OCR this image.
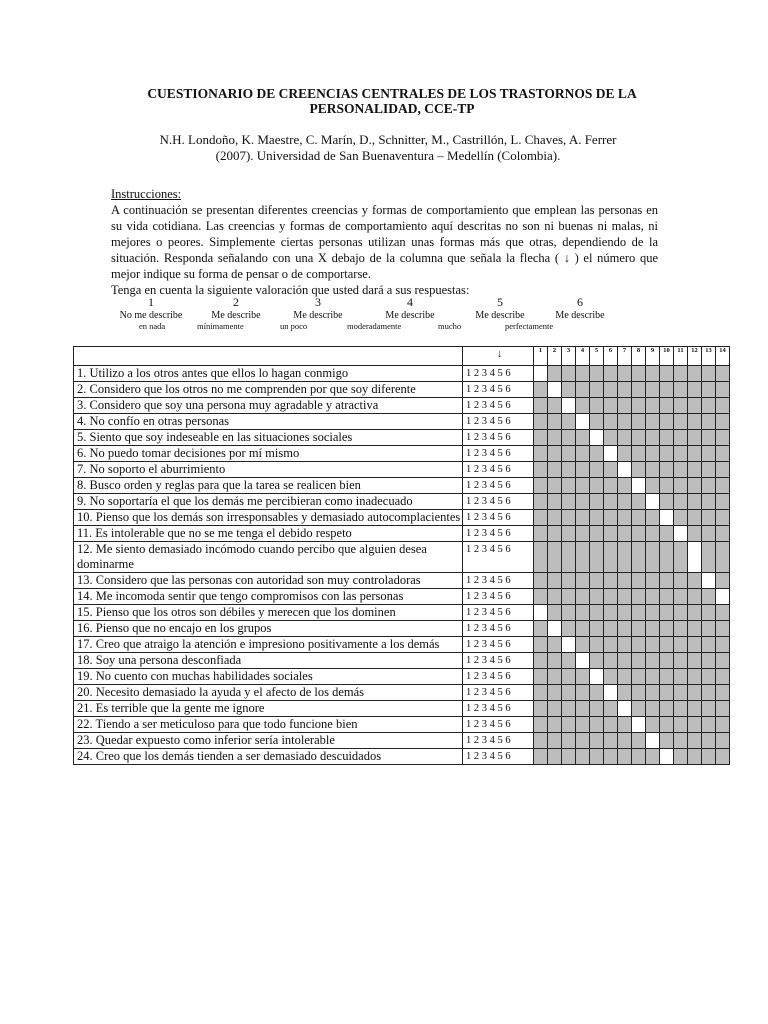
CUESTIONARIO DE CREENCIAS CENTRALES DE LOS TRASTORNOS DE LA
PERSONALIDAD, CCE-TP
N.H. Londoño, K. Maestre, C. Marín, D., Schnitter, M., Castrillón, L. Chaves, A. Ferrer
(2007). Universidad de San Buenaventura – Medellín (Colombia).
Instrucciones:
A continuación se presentan diferentes creencias y formas de comportamiento que emplean las personas en su vida cotidiana. Las creencias y formas de comportamiento aquí descritas no son ni buenas ni malas, ni mejores o peores. Simplemente ciertas personas utilizan unas formas más que otras, dependiendo de la situación. Responda señalando con una X debajo de la columna que señala la flecha ( ↓ ) el número que mejor indique su forma de pensar o de comportarse.
Tenga en cuenta la siguiente valoración que usted dará a sus respuestas:
1
No me describe
en nada
2
Me describe
mínimamente
3
Me describe
un poco
4
Me describe
moderadamente
5
Me describe
mucho
6
Me describe
perfectamente
	↓	1	2	3	4	5	6	7	8	9	10	11	12	13	14
1. Utilizo a los otros antes que ellos lo hagan conmigo	1 2 3 4 5 6														
2. Considero que los otros no me comprenden por que soy diferente	1 2 3 4 5 6														
3. Considero que soy una persona muy agradable y atractiva	1 2 3 4 5 6														
4. No confío en otras personas	1 2 3 4 5 6														
5. Siento que soy indeseable en las situaciones sociales	1 2 3 4 5 6														
6. No puedo tomar decisiones por mí mismo	1 2 3 4 5 6														
7. No soporto el aburrimiento	1 2 3 4 5 6														
8. Busco orden y reglas para que la tarea se realicen bien	1 2 3 4 5 6														
9. No soportaría el que los demás me percibieran como inadecuado	1 2 3 4 5 6														
10. Pienso que los demás son irresponsables y demasiado autocomplacientes	1 2 3 4 5 6														
11. Es intolerable que no se me tenga el debido respeto	1 2 3 4 5 6														
12. Me siento demasiado incómodo cuando percibo que alguien desea dominarme	1 2 3 4 5 6														
13. Considero que las personas con autoridad son muy controladoras	1 2 3 4 5 6														
14. Me incomoda sentir que tengo compromisos con las personas	1 2 3 4 5 6														
15. Pienso que los otros son débiles y merecen que los dominen	1 2 3 4 5 6														
16. Pienso que no encajo en los grupos	1 2 3 4 5 6														
17. Creo que atraigo la atención e impresiono positivamente a los demás	1 2 3 4 5 6														
18. Soy una persona desconfiada	1 2 3 4 5 6														
19. No cuento con muchas habilidades sociales	1 2 3 4 5 6														
20. Necesito demasiado la ayuda y el afecto de los demás	1 2 3 4 5 6														
21. Es terrible que la gente me ignore	1 2 3 4 5 6														
22. Tiendo a ser meticuloso para que todo funcione bien	1 2 3 4 5 6														
23. Quedar expuesto como inferior sería intolerable	1 2 3 4 5 6														
24. Creo que los demás tienden a ser demasiado descuidados	1 2 3 4 5 6														
